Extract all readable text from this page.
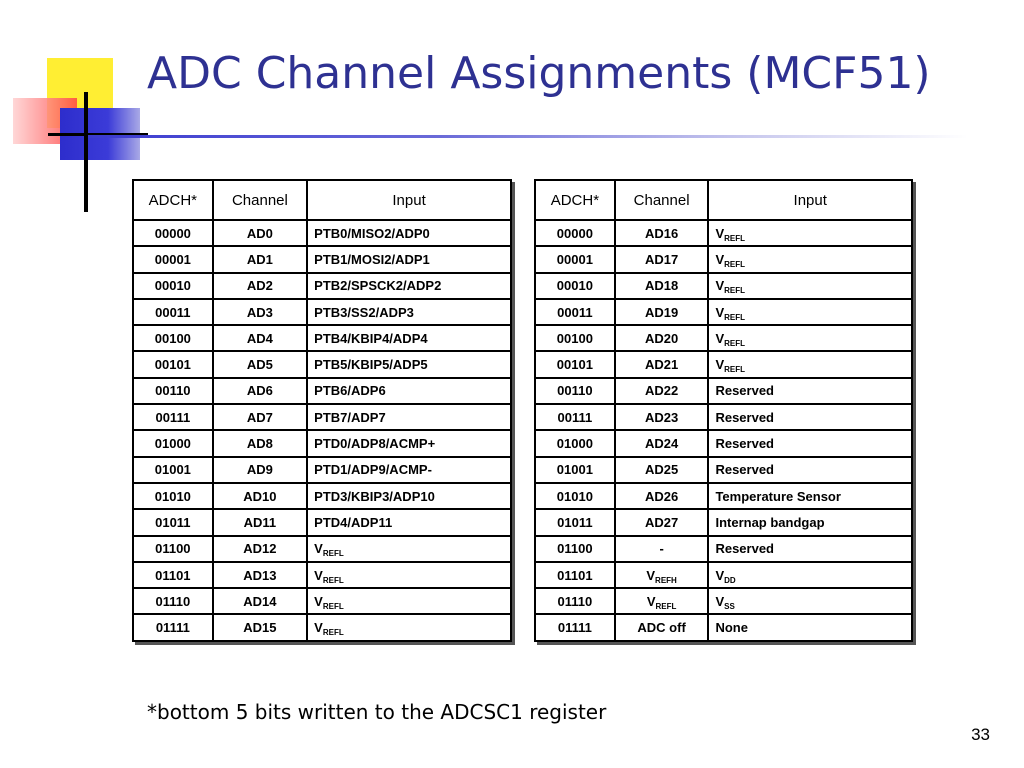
ADC Channel Assignments (MCF51)
ADCH*	Channel	Input
00000	AD0	PTB0/MISO2/ADP0
00001	AD1	PTB1/MOSI2/ADP1
00010	AD2	PTB2/SPSCK2/ADP2
00011	AD3	PTB3/SS2/ADP3
00100	AD4	PTB4/KBIP4/ADP4
00101	AD5	PTB5/KBIP5/ADP5
00110	AD6	PTB6/ADP6
00111	AD7	PTB7/ADP7
01000	AD8	PTD0/ADP8/ACMP+
01001	AD9	PTD1/ADP9/ACMP-
01010	AD10	PTD3/KBIP3/ADP10
01011	AD11	PTD4/ADP11
01100	AD12	$V_{REFL}$
01101	AD13	$V_{REFL}$
01110	AD14	$V_{REFL}$
01111	AD15	$V_{REFL}$
ADCH*	Channel	Input
00000	AD16	$V_{REFL}$
00001	AD17	$V_{REFL}$
00010	AD18	$V_{REFL}$
00011	AD19	$V_{REFL}$
00100	AD20	$V_{REFL}$
00101	AD21	$V_{REFL}$
00110	AD22	Reserved
00111	AD23	Reserved
01000	AD24	Reserved
01001	AD25	Reserved
01010	AD26	Temperature Sensor
01011	AD27	Internap bandgap
01100	-	Reserved
01101	$V_{REFH}$	$V_{DD}$
01110	$V_{REFL}$	$V_{SS}$
01111	ADC off	None
*bottom 5 bits written to the ADCSC1 register
33
